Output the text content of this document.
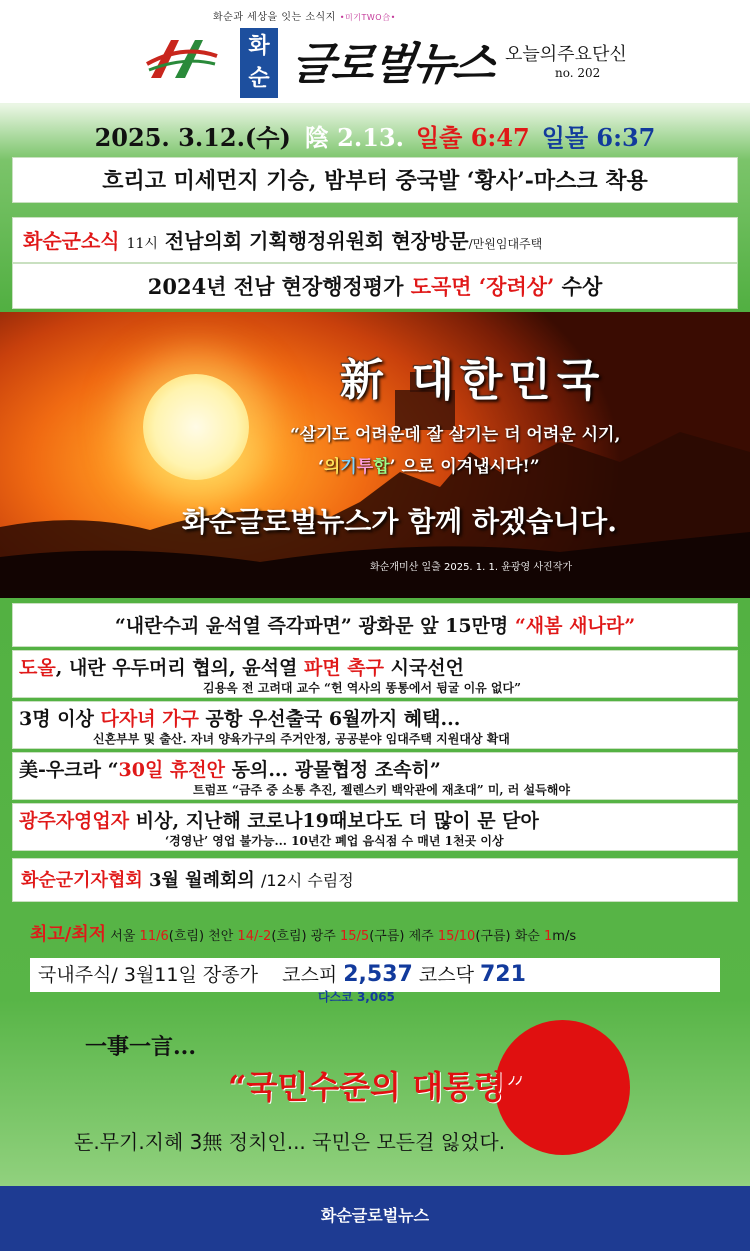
화순과 세상을 잇는 소식지 •미기TWO合•
화
순 글로벌뉴스 오늘의주요단신
no. 202
2025. 3.12.(수) 陰 2.13. 일출 6:47 일몰 6:37
흐리고 미세먼지 기승, 밤부터 중국발 ‘황사’-마스크 착용
화순군소식 11시 전남의회 기획행정위원회 현장방문/만원임대주택
2024년 전남 현장행정평가 도곡면 ‘장려상’ 수상
新 대한민국
“살기도 어려운데 잘 살기는 더 어려운 시기,
‘의기투합’ 으로 이겨냅시다!”
화순글로벌뉴스가 함께 하겠습니다.
화순개미산 일출 2025. 1. 1. 윤광영 사진작가
“내란수괴 윤석열 즉각파면” 광화문 앞 15만명 “새봄 새나라”
도올, 내란 우두머리 협의, 윤석열 파면 촉구 시국선언
김용옥 전 고려대 교수 “헌 역사의 똥통에서 뒹굴 이유 없다”
3명 이상 다자녀 가구 공항 우선출국 6월까지 혜택...
신혼부부 및 출산. 자녀 양육가구의 주거안정, 공공분야 임대주택 지원대상 확대
美-우크라 “30일 휴전안 동의... 광물협정 조속히”
트럼프 “금주 중 소통 추진, 젤렌스키 백악관에 재초대” 미, 러 설득해야
광주자영업자 비상, 지난해 코로나19때보다도 더 많이 문 닫아
‘경영난’ 영업 불가능... 10년간 폐업 음식점 수 매년 1천곳 이상
화순군기자협회 3월 월례회의 /12시 수림정
최고/최저 서울 11/6(흐림) 천안 14/-2(흐림) 광주 15/5(구름) 제주 15/10(구름) 화순 1m/s
국내주식/ 3월11일 장종가 코스피 2,537 코스닥 721
다스코 3,065
一事一言...
“국민수준의 대통령”
돈.무기.지혜 3無 정치인... 국민은 모든걸 잃었다.
화순글로벌뉴스
